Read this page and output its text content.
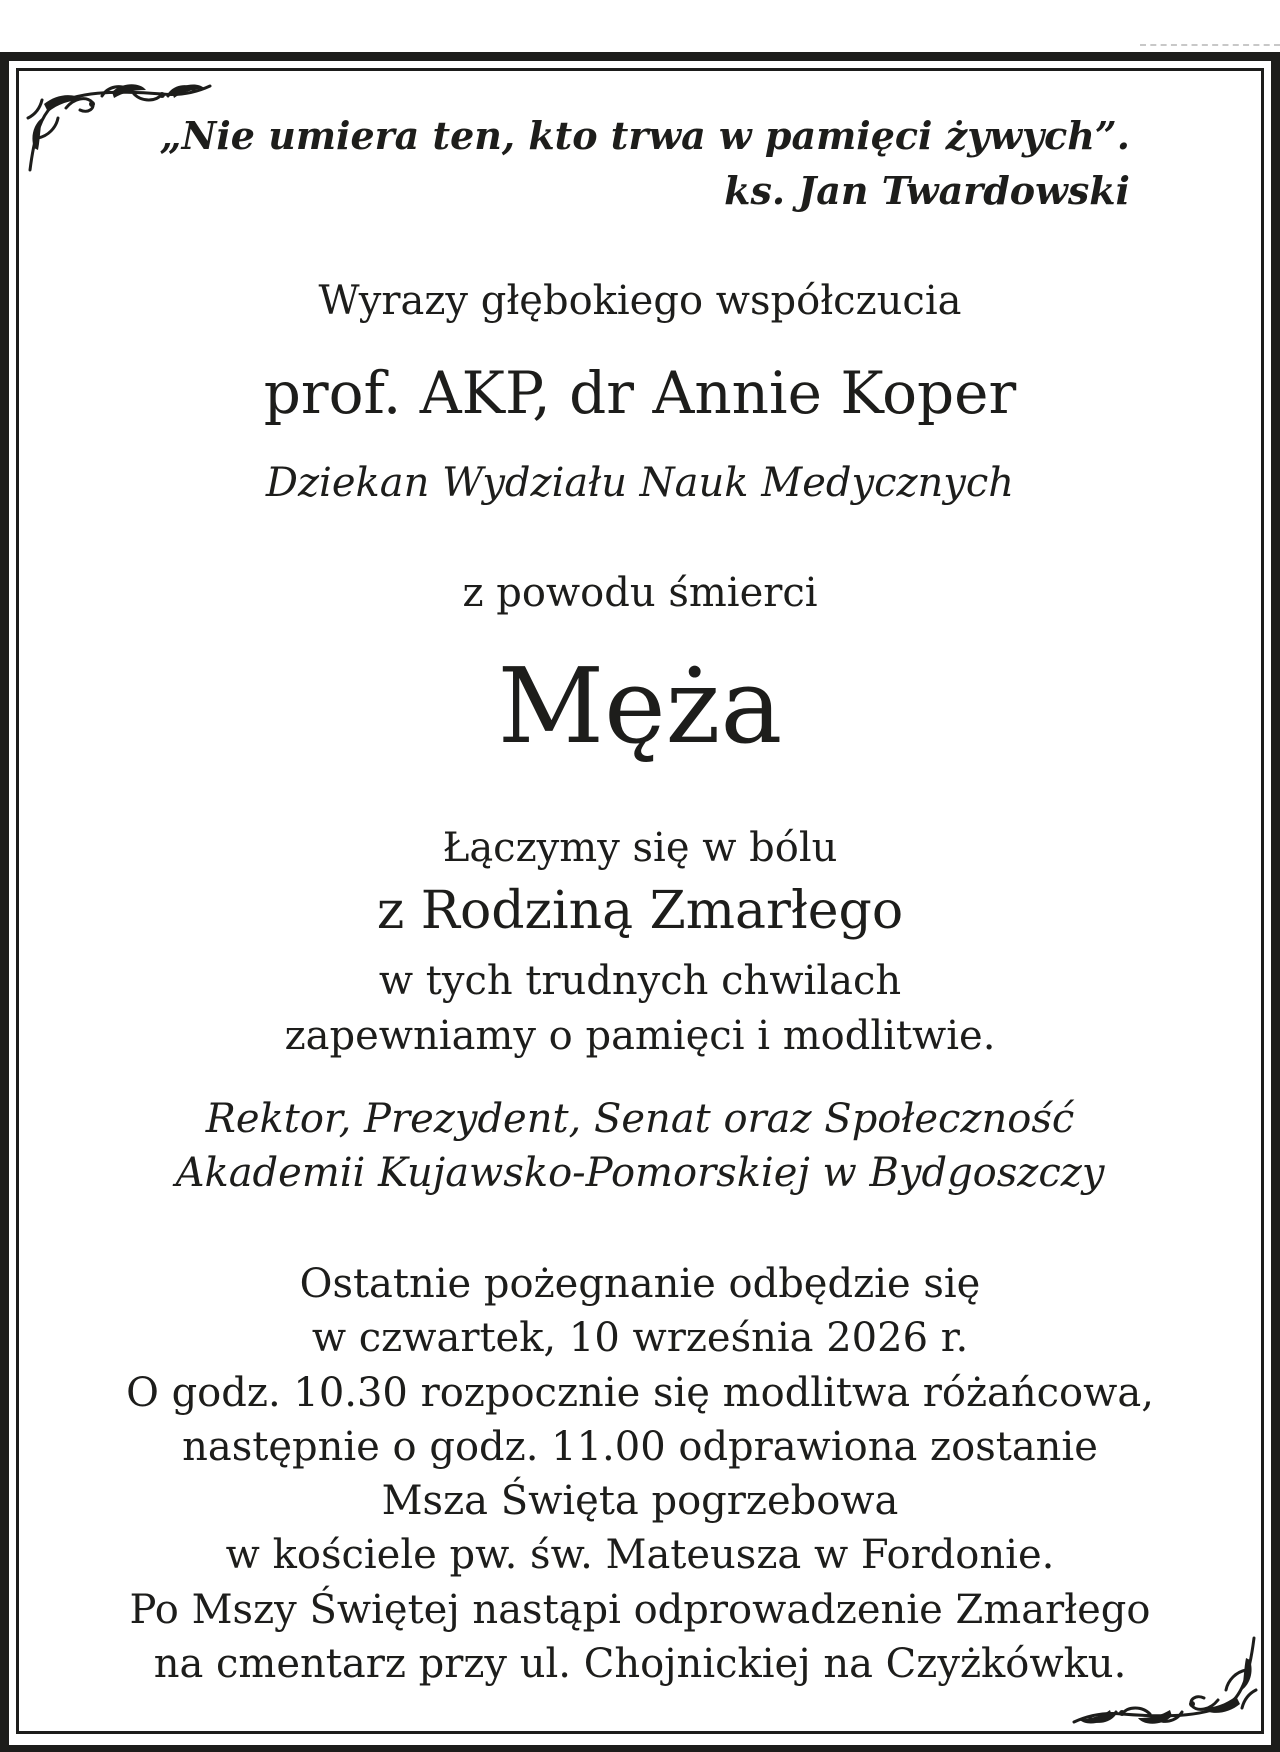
„Nie umiera ten, kto trwa w pamięci żywych”.

ks. Jan Twardowski

Wyrazy głębokiego współczucia

prof. AKP, dr Annie Koper

Dziekan Wydziału Nauk Medycznych

z powodu śmierci

Męża

Łączymy się w bólu

z Rodziną Zmarłego

w tych trudnych chwilach

zapewniamy o pamięci i modlitwie.

Rektor, Prezydent, Senat oraz Społeczność

Akademii Kujawsko-Pomorskiej w Bydgoszczy

Ostatnie pożegnanie odbędzie się
w czwartek, 10 września 2026 r.
O godz. 10.30 rozpocznie się modlitwa różańcowa,
następnie o godz. 11.00 odprawiona zostanie
Msza Święta pogrzebowa
w kościele pw. św. Mateusza w Fordonie.
Po Mszy Świętej nastąpi odprowadzenie Zmarłego
na cmentarz przy ul. Chojnickiej na Czyżkówku.
